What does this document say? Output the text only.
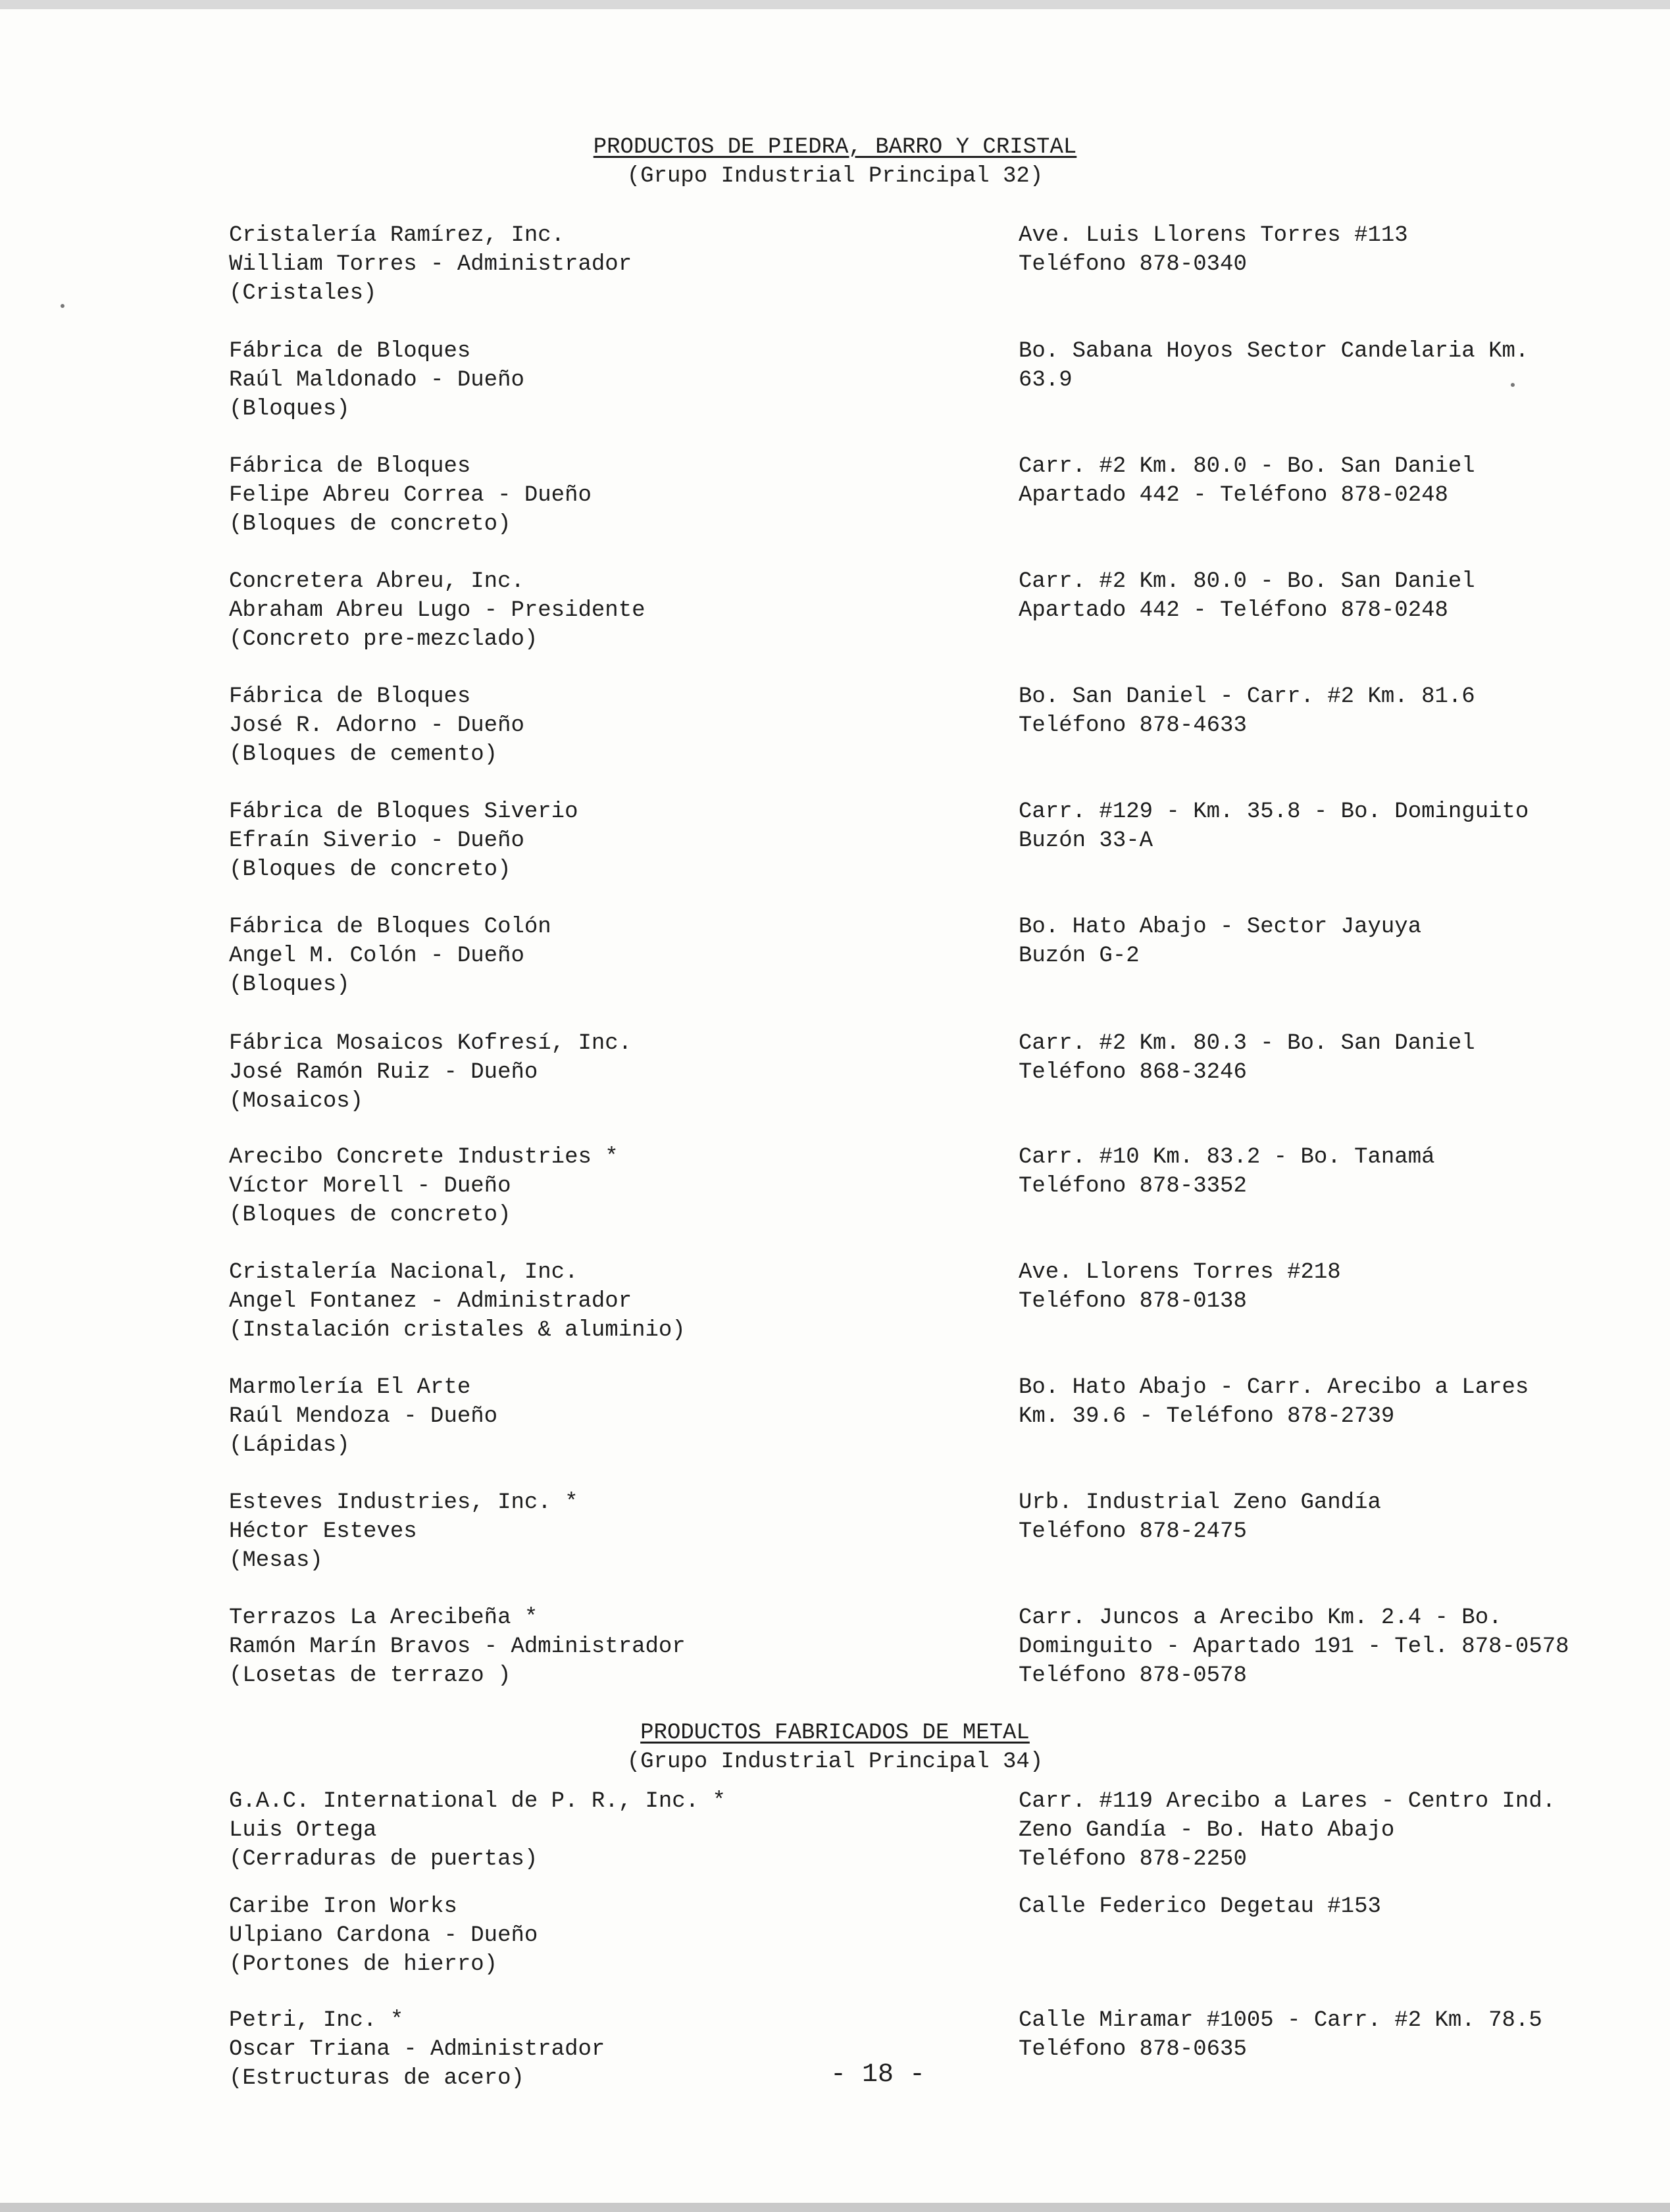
PRODUCTOS DE PIEDRA, BARRO Y CRISTAL
(Grupo Industrial Principal 32)
Cristalería Ramírez, Inc.
William Torres - Administrador
(Cristales)
Ave. Luis Llorens Torres #113
Teléfono 878-0340
Fábrica de Bloques
Raúl Maldonado - Dueño
(Bloques)
Bo. Sabana Hoyos Sector Candelaria Km.
63.9
Fábrica de Bloques
Felipe Abreu Correa - Dueño
(Bloques de concreto)
Carr. #2 Km. 80.0 - Bo. San Daniel
Apartado 442 - Teléfono 878-0248
Concretera Abreu, Inc.
Abraham Abreu Lugo - Presidente
(Concreto pre-mezclado)
Carr. #2 Km. 80.0 - Bo. San Daniel
Apartado 442 - Teléfono 878-0248
Fábrica de Bloques
José R. Adorno - Dueño
(Bloques de cemento)
Bo. San Daniel - Carr. #2 Km. 81.6
Teléfono 878-4633
Fábrica de Bloques Siverio
Efraín Siverio - Dueño
(Bloques de concreto)
Carr. #129 - Km. 35.8 - Bo. Dominguito
Buzón 33-A
Fábrica de Bloques Colón
Angel M. Colón - Dueño
(Bloques)
Bo. Hato Abajo - Sector Jayuya
Buzón G-2
Fábrica Mosaicos Kofresí, Inc.
José Ramón Ruiz - Dueño
(Mosaicos)
Carr. #2 Km. 80.3 - Bo. San Daniel
Teléfono 868-3246
Arecibo Concrete Industries *
Víctor Morell - Dueño
(Bloques de concreto)
Carr. #10 Km. 83.2 - Bo. Tanamá
Teléfono 878-3352
Cristalería Nacional, Inc.
Angel Fontanez - Administrador
(Instalación cristales & aluminio)
Ave. Llorens Torres #218
Teléfono 878-0138
Marmolería El Arte
Raúl Mendoza - Dueño
(Lápidas)
Bo. Hato Abajo - Carr. Arecibo a Lares
Km. 39.6 - Teléfono 878-2739
Esteves Industries, Inc. *
Héctor Esteves
(Mesas)
Urb. Industrial Zeno Gandía
Teléfono 878-2475
Terrazos La Arecibeña *
Ramón Marín Bravos - Administrador
(Losetas de terrazo )
Carr. Juncos a Arecibo Km. 2.4 - Bo.
Dominguito - Apartado 191 - Tel. 878-0578
Teléfono 878-0578
PRODUCTOS FABRICADOS DE METAL
(Grupo Industrial Principal 34)
G.A.C. International de P. R., Inc. *
Luis Ortega
(Cerraduras de puertas)
Carr. #119 Arecibo a Lares - Centro Ind.
Zeno Gandía - Bo. Hato Abajo
Teléfono 878-2250
Caribe Iron Works
Ulpiano Cardona - Dueño
(Portones de hierro)
Calle Federico Degetau #153
Petri, Inc. *
Oscar Triana - Administrador
(Estructuras de acero)
Calle Miramar #1005 - Carr. #2 Km. 78.5
Teléfono 878-0635
- 18 -
